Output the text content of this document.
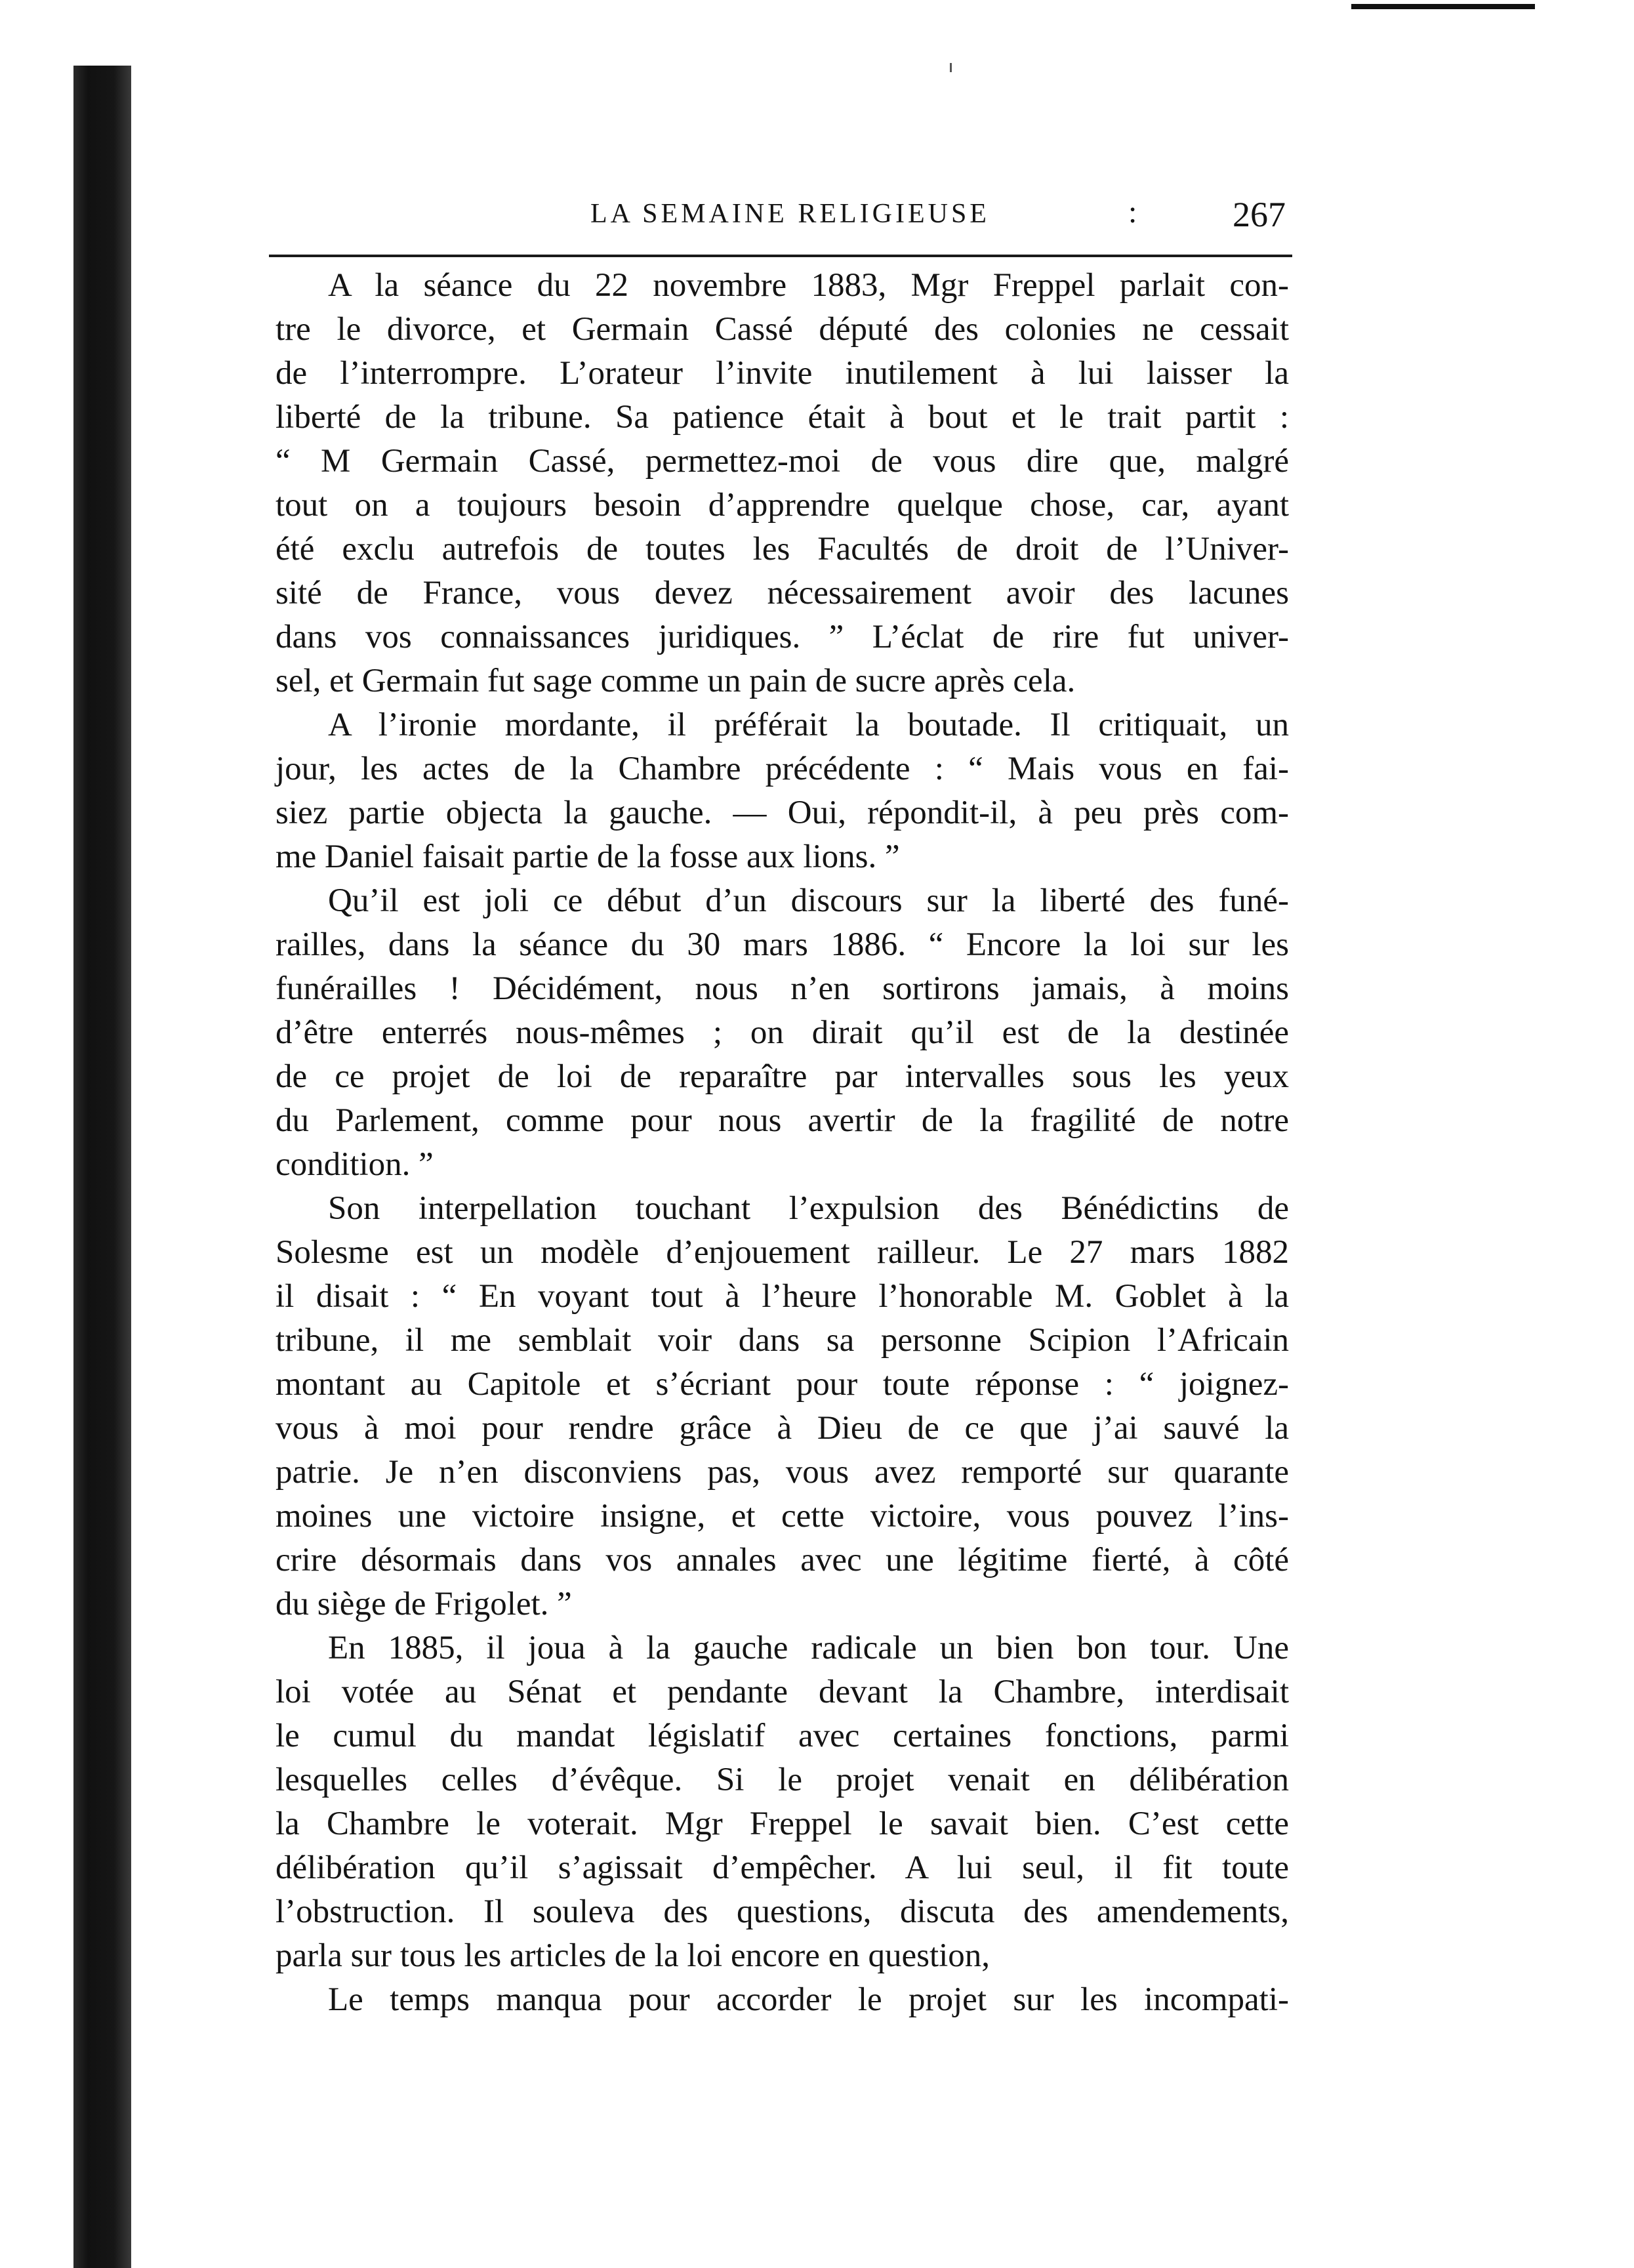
LA SEMAINE RELIGIEUSE	:	267
A la séance du 22 novembre 1883, Mgr Freppel parlait con-
tre le divorce, et Germain Cassé député des colonies ne cessait
de l’interrompre. L’orateur l’invite inutilement à lui laisser la
liberté de la tribune. Sa patience était à bout et le trait partit :
“ M Germain Cassé, permettez-moi de vous dire que, malgré
tout on a toujours besoin d’apprendre quelque chose, car, ayant
été exclu autrefois de toutes les Facultés de droit de l’Univer-
sité de France, vous devez nécessairement avoir des lacunes
dans vos connaissances juridiques. ” L’éclat de rire fut univer-
sel, et Germain fut sage comme un pain de sucre après cela.
A l’ironie mordante, il préférait la boutade. Il critiquait, un
jour, les actes de la Chambre précédente : “ Mais vous en fai-
siez partie objecta la gauche. — Oui, répondit-il, à peu près com-
me Daniel faisait partie de la fosse aux lions. ”
Qu’il est joli ce début d’un discours sur la liberté des funé-
railles, dans la séance du 30 mars 1886. “ Encore la loi sur les
funérailles ! Décidément, nous n’en sortirons jamais, à moins
d’être enterrés nous-mêmes ; on dirait qu’il est de la destinée
de ce projet de loi de reparaître par intervalles sous les yeux
du Parlement, comme pour nous avertir de la fragilité de notre
condition. ”
Son interpellation touchant l’expulsion des Bénédictins de
Solesme est un modèle d’enjouement railleur. Le 27 mars 1882
il disait : “ En voyant tout à l’heure l’honorable M. Goblet à la
tribune, il me semblait voir dans sa personne Scipion l’Africain
montant au Capitole et s’écriant pour toute réponse : “ joignez-
vous à moi pour rendre grâce à Dieu de ce que j’ai sauvé la
patrie. Je n’en disconviens pas, vous avez remporté sur quarante
moines une victoire insigne, et cette victoire, vous pouvez l’ins-
crire désormais dans vos annales avec une légitime fierté, à côté
du siège de Frigolet. ”
En 1885, il joua à la gauche radicale un bien bon tour. Une
loi votée au Sénat et pendante devant la Chambre, interdisait
le cumul du mandat législatif avec certaines fonctions, parmi
lesquelles celles d’évêque. Si le projet venait en délibération
la Chambre le voterait. Mgr Freppel le savait bien. C’est cette
délibération qu’il s’agissait d’empêcher. A lui seul, il fit toute
l’obstruction. Il souleva des questions, discuta des amendements,
parla sur tous les articles de la loi encore en question,
Le temps manqua pour accorder le projet sur les incompati-
